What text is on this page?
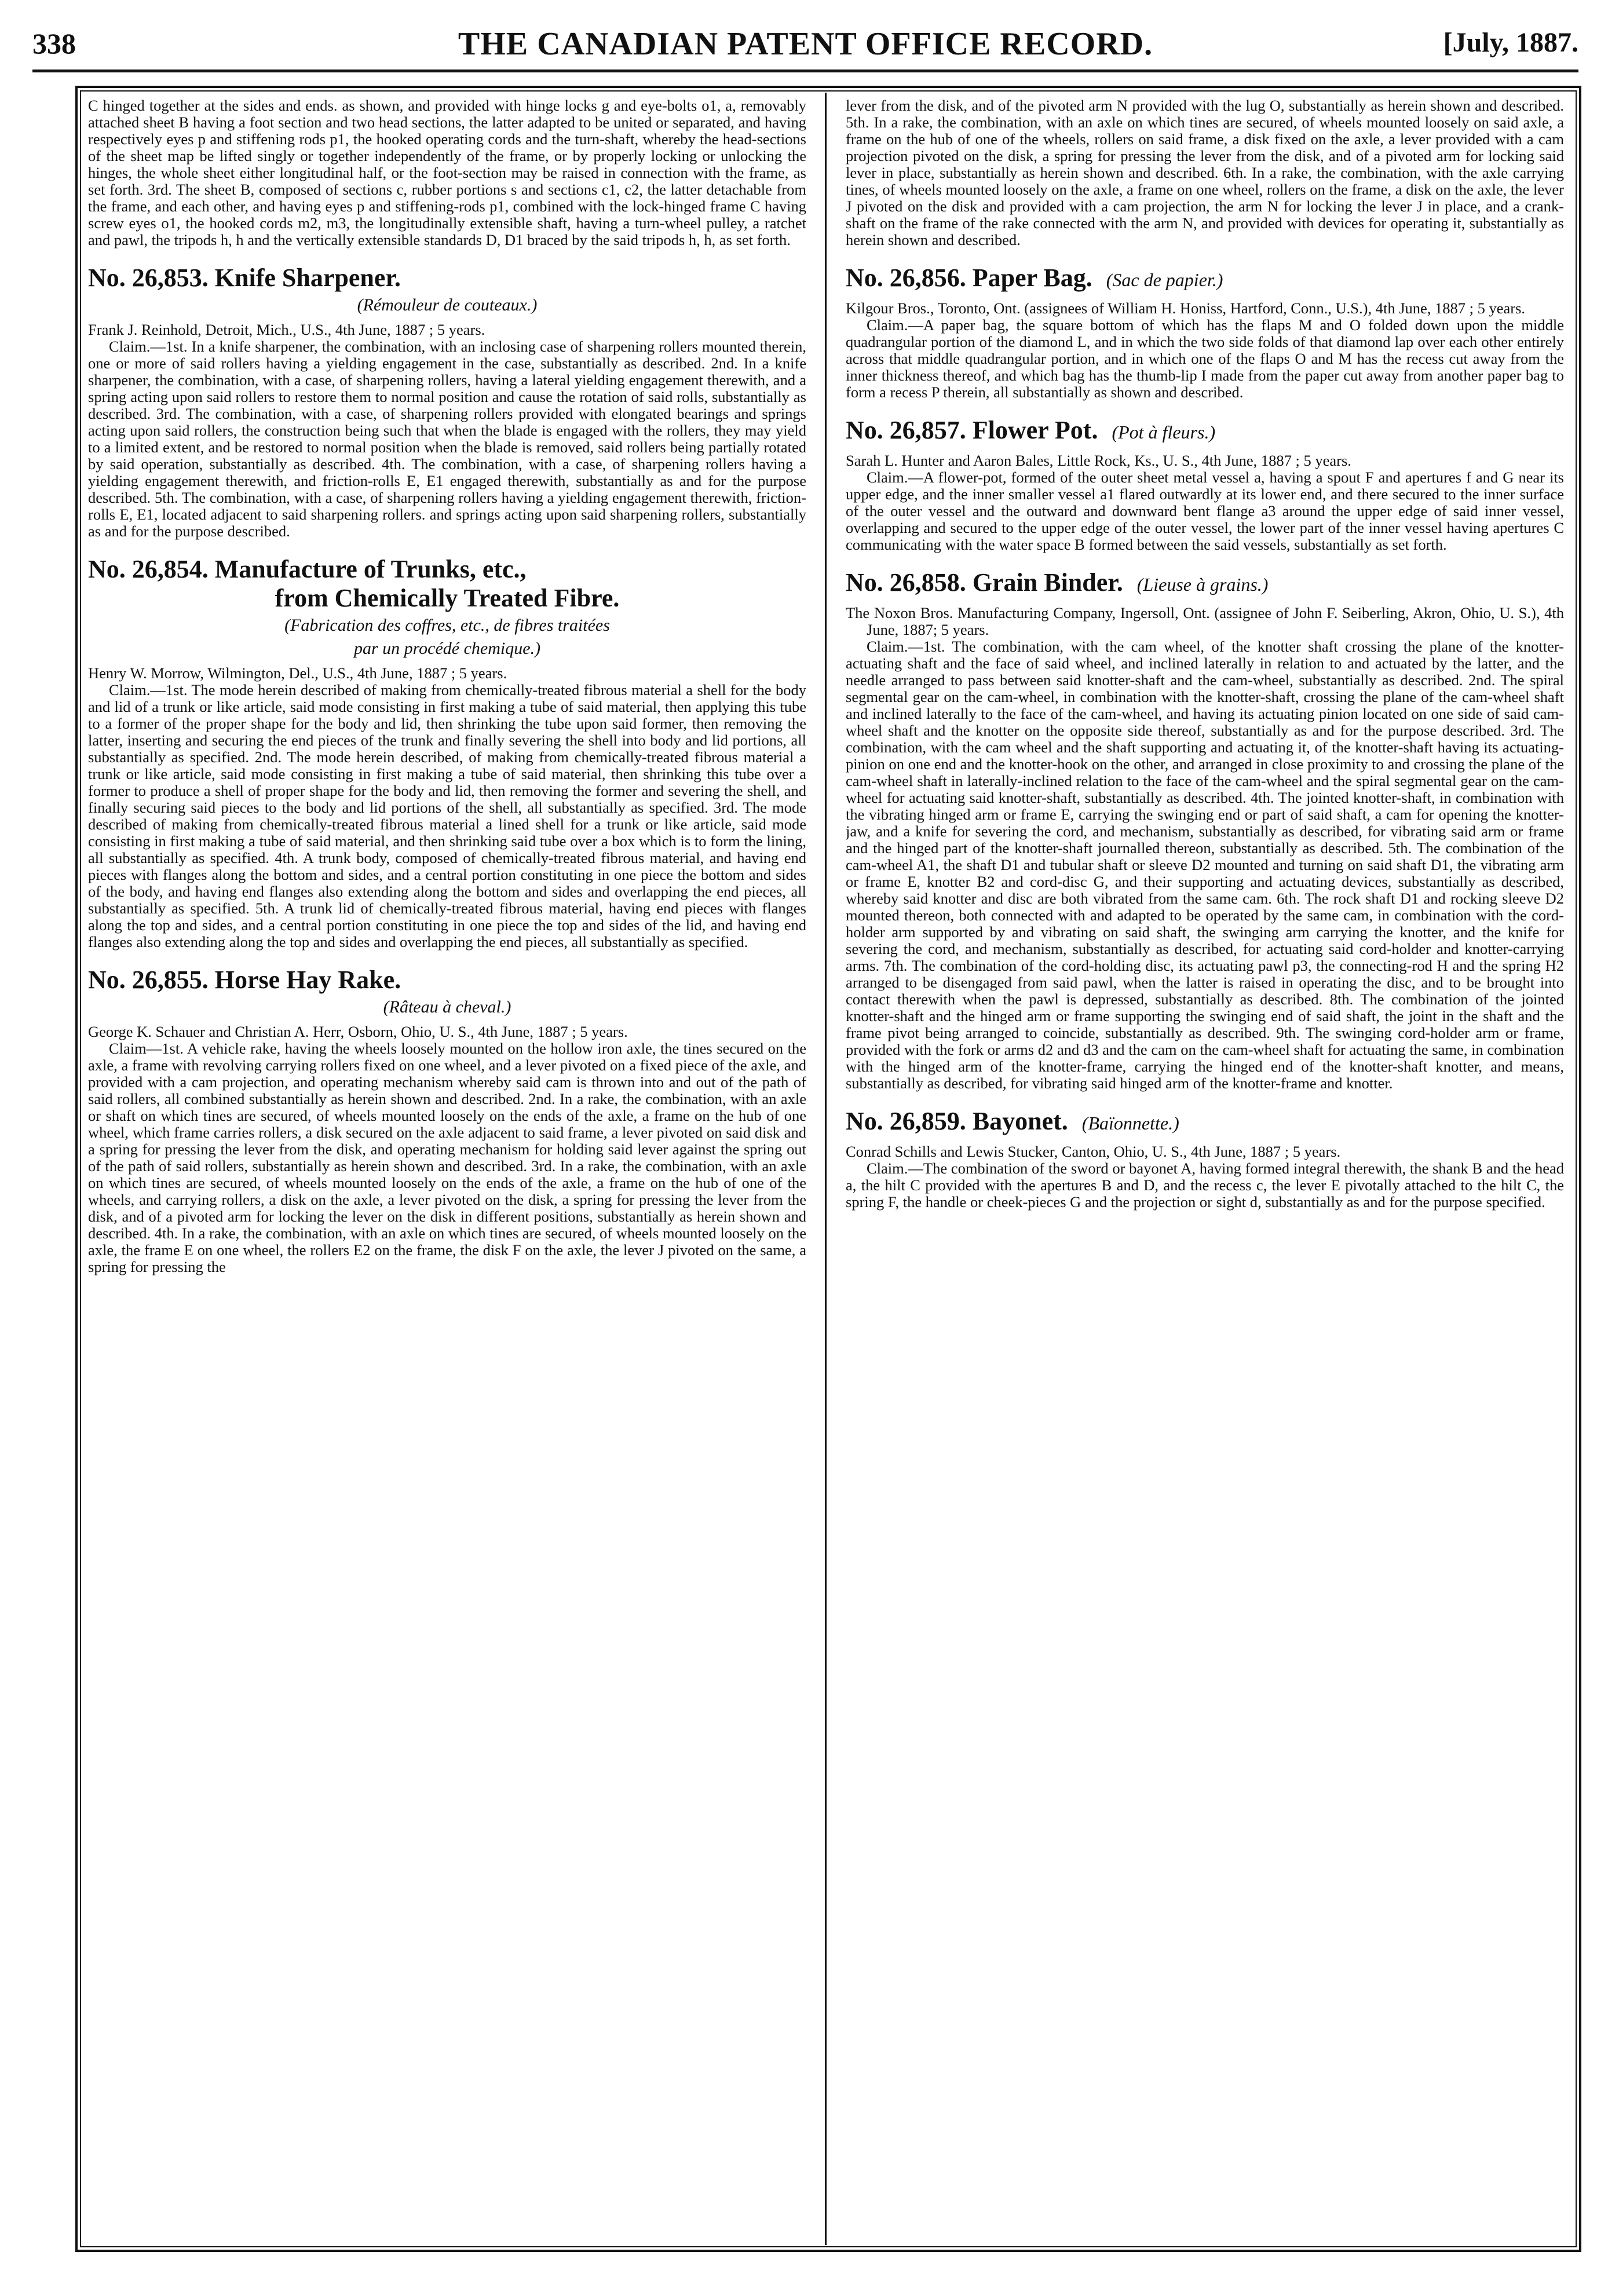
338	THE CANADIAN PATENT OFFICE RECORD.	[July, 1887.

C hinged together at the sides and ends. as shown, and provided with hinge locks g and eye-bolts o1, a, removably attached sheet B having a foot section and two head sections, the latter adapted to be united or separated, and having respectively eyes p and stiffening rods p1, the hooked operating cords and the turn-shaft, whereby the head-sections of the sheet map be lifted singly or together independently of the frame, or by properly locking or unlocking the hinges, the whole sheet either longitudinal half, or the foot-section may be raised in connection with the frame, as set forth. 3rd. The sheet B, composed of sections c, rubber portions s and sections c1, c2, the latter detachable from the frame, and each other, and having eyes p and stiffening-rods p1, combined with the lock-hinged frame C having screw eyes o1, the hooked cords m2, m3, the longitudinally extensible shaft, having a turn-wheel pulley, a ratchet and pawl, the tripods h, h and the vertically extensible standards D, D1 braced by the said tripods h, h, as set forth.

No. 26,853. Knife Sharpener.
(Rémouleur de couteaux.)

Frank J. Reinhold, Detroit, Mich., U.S., 4th June, 1887 ; 5 years.

Claim.—1st. In a knife sharpener, the combination, with an inclosing case of sharpening rollers mounted therein, one or more of said rollers having a yielding engagement in the case, substantially as described. 2nd. In a knife sharpener, the combination, with a case, of sharpening rollers, having a lateral yielding engagement therewith, and a spring acting upon said rollers to restore them to normal position and cause the rotation of said rolls, substantially as described. 3rd. The combination, with a case, of sharpening rollers provided with elongated bearings and springs acting upon said rollers, the construction being such that when the blade is engaged with the rollers, they may yield to a limited extent, and be restored to normal position when the blade is removed, said rollers being partially rotated by said operation, substantially as described. 4th. The combination, with a case, of sharpening rollers having a yielding engagement therewith, and friction-rolls E, E1 engaged therewith, substantially as and for the purpose described. 5th. The combination, with a case, of sharpening rollers having a yielding engagement therewith, friction-rolls E, E1, located adjacent to said sharpening rollers. and springs acting upon said sharpening rollers, substantially as and for the purpose described.

No. 26,854. Manufacture of Trunks, etc.,
from Chemically Treated Fibre.
(Fabrication des coffres, etc., de fibres traitées
par un procédé chemique.)

Henry W. Morrow, Wilmington, Del., U.S., 4th June, 1887 ; 5 years.

Claim.—1st. The mode herein described of making from chemically-treated fibrous material a shell for the body and lid of a trunk or like article, said mode consisting in first making a tube of said material, then applying this tube to a former of the proper shape for the body and lid, then shrinking the tube upon said former, then removing the latter, inserting and securing the end pieces of the trunk and finally severing the shell into body and lid portions, all substantially as specified. 2nd. The mode herein described, of making from chemically-treated fibrous material a trunk or like article, said mode consisting in first making a tube of said material, then shrinking this tube over a former to produce a shell of proper shape for the body and lid, then removing the former and severing the shell, and finally securing said pieces to the body and lid portions of the shell, all substantially as specified. 3rd. The mode described of making from chemically-treated fibrous material a lined shell for a trunk or like article, said mode consisting in first making a tube of said material, and then shrinking said tube over a box which is to form the lining, all substantially as specified. 4th. A trunk body, composed of chemically-treated fibrous material, and having end pieces with flanges along the bottom and sides, and a central portion constituting in one piece the bottom and sides of the body, and having end flanges also extending along the bottom and sides and overlapping the end pieces, all substantially as specified. 5th. A trunk lid of chemically-treated fibrous material, having end pieces with flanges along the top and sides, and a central portion constituting in one piece the top and sides of the lid, and having end flanges also extending along the top and sides and overlapping the end pieces, all substantially as specified.

No. 26,855. Horse Hay Rake.
(Râteau à cheval.)

George K. Schauer and Christian A. Herr, Osborn, Ohio, U. S., 4th June, 1887 ; 5 years.

Claim—1st. A vehicle rake, having the wheels loosely mounted on the hollow iron axle, the tines secured on the axle, a frame with revolving carrying rollers fixed on one wheel, and a lever pivoted on a fixed piece of the axle, and provided with a cam projection, and operating mechanism whereby said cam is thrown into and out of the path of said rollers, all combined substantially as herein shown and described. 2nd. In a rake, the combination, with an axle or shaft on which tines are secured, of wheels mounted loosely on the ends of the axle, a frame on the hub of one wheel, which frame carries rollers, a disk secured on the axle adjacent to said frame, a lever pivoted on said disk and a spring for pressing the lever from the disk, and operating mechanism for holding said lever against the spring out of the path of said rollers, substantially as herein shown and described. 3rd. In a rake, the combination, with an axle on which tines are secured, of wheels mounted loosely on the ends of the axle, a frame on the hub of one of the wheels, and carrying rollers, a disk on the axle, a lever pivoted on the disk, a spring for pressing the lever from the disk, and of a pivoted arm for locking the lever on the disk in different positions, substantially as herein shown and described. 4th. In a rake, the combination, with an axle on which tines are secured, of wheels mounted loosely on the axle, the frame E on one wheel, the rollers E2 on the frame, the disk F on the axle, the lever J pivoted on the same, a spring for pressing the

lever from the disk, and of the pivoted arm N provided with the lug O, substantially as herein shown and described. 5th. In a rake, the combination, with an axle on which tines are secured, of wheels mounted loosely on said axle, a frame on the hub of one of the wheels, rollers on said frame, a disk fixed on the axle, a lever provided with a cam projection pivoted on the disk, a spring for pressing the lever from the disk, and of a pivoted arm for locking said lever in place, substantially as herein shown and described. 6th. In a rake, the combination, with the axle carrying tines, of wheels mounted loosely on the axle, a frame on one wheel, rollers on the frame, a disk on the axle, the lever J pivoted on the disk and provided with a cam projection, the arm N for locking the lever J in place, and a crank-shaft on the frame of the rake connected with the arm N, and provided with devices for operating it, substantially as herein shown and described.

No. 26,856. Paper Bag. (Sac de papier.)

Kilgour Bros., Toronto, Ont. (assignees of William H. Honiss, Hartford, Conn., U.S.), 4th June, 1887 ; 5 years.

Claim.—A paper bag, the square bottom of which has the flaps M and O folded down upon the middle quadrangular portion of the diamond L, and in which the two side folds of that diamond lap over each other entirely across that middle quadrangular portion, and in which one of the flaps O and M has the recess cut away from the inner thickness thereof, and which bag has the thumb-lip I made from the paper cut away from another paper bag to form a recess P therein, all substantially as shown and described.

No. 26,857. Flower Pot. (Pot à fleurs.)

Sarah L. Hunter and Aaron Bales, Little Rock, Ks., U. S., 4th June, 1887 ; 5 years.

Claim.—A flower-pot, formed of the outer sheet metal vessel a, having a spout F and apertures f and G near its upper edge, and the inner smaller vessel a1 flared outwardly at its lower end, and there secured to the inner surface of the outer vessel and the outward and downward bent flange a3 around the upper edge of said inner vessel, overlapping and secured to the upper edge of the outer vessel, the lower part of the inner vessel having apertures C communicating with the water space B formed between the said vessels, substantially as set forth.

No. 26,858. Grain Binder. (Lieuse à grains.)

The Noxon Bros. Manufacturing Company, Ingersoll, Ont. (assignee of John F. Seiberling, Akron, Ohio, U. S.), 4th June, 1887; 5 years.

Claim.—1st. The combination, with the cam wheel, of the knotter shaft crossing the plane of the knotter-actuating shaft and the face of said wheel, and inclined laterally in relation to and actuated by the latter, and the needle arranged to pass between said knotter-shaft and the cam-wheel, substantially as described. 2nd. The spiral segmental gear on the cam-wheel, in combination with the knotter-shaft, crossing the plane of the cam-wheel shaft and inclined laterally to the face of the cam-wheel, and having its actuating pinion located on one side of said cam-wheel shaft and the knotter on the opposite side thereof, substantially as and for the purpose described. 3rd. The combination, with the cam wheel and the shaft supporting and actuating it, of the knotter-shaft having its actuating-pinion on one end and the knotter-hook on the other, and arranged in close proximity to and crossing the plane of the cam-wheel shaft in laterally-inclined relation to the face of the cam-wheel and the spiral segmental gear on the cam-wheel for actuating said knotter-shaft, substantially as described. 4th. The jointed knotter-shaft, in combination with the vibrating hinged arm or frame E, carrying the swinging end or part of said shaft, a cam for opening the knotter-jaw, and a knife for severing the cord, and mechanism, substantially as described, for vibrating said arm or frame and the hinged part of the knotter-shaft journalled thereon, substantially as described. 5th. The combination of the cam-wheel A1, the shaft D1 and tubular shaft or sleeve D2 mounted and turning on said shaft D1, the vibrating arm or frame E, knotter B2 and cord-disc G, and their supporting and actuating devices, substantially as described, whereby said knotter and disc are both vibrated from the same cam. 6th. The rock shaft D1 and rocking sleeve D2 mounted thereon, both connected with and adapted to be operated by the same cam, in combination with the cord-holder arm supported by and vibrating on said shaft, the swinging arm carrying the knotter, and the knife for severing the cord, and mechanism, substantially as described, for actuating said cord-holder and knotter-carrying arms. 7th. The combination of the cord-holding disc, its actuating pawl p3, the connecting-rod H and the spring H2 arranged to be disengaged from said pawl, when the latter is raised in operating the disc, and to be brought into contact therewith when the pawl is depressed, substantially as described. 8th. The combination of the jointed knotter-shaft and the hinged arm or frame supporting the swinging end of said shaft, the joint in the shaft and the frame pivot being arranged to coincide, substantially as described. 9th. The swinging cord-holder arm or frame, provided with the fork or arms d2 and d3 and the cam on the cam-wheel shaft for actuating the same, in combination with the hinged arm of the knotter-frame, carrying the hinged end of the knotter-shaft knotter, and means, substantially as described, for vibrating said hinged arm of the knotter-frame and knotter.

No. 26,859. Bayonet. (Baïonnette.)

Conrad Schills and Lewis Stucker, Canton, Ohio, U. S., 4th June, 1887 ; 5 years.

Claim.—The combination of the sword or bayonet A, having formed integral therewith, the shank B and the head a, the hilt C provided with the apertures B and D, and the recess c, the lever E pivotally attached to the hilt C, the spring F, the handle or cheek-pieces G and the projection or sight d, substantially as and for the purpose specified.
